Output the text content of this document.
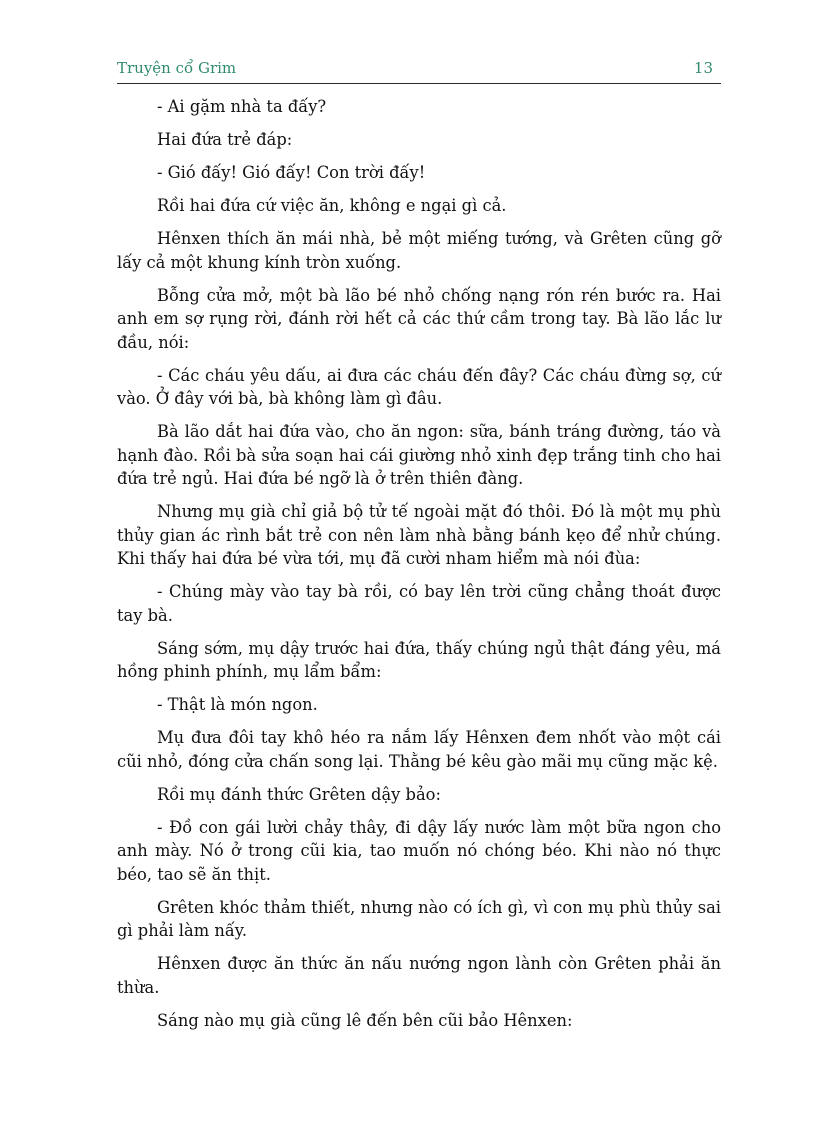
Truyện cổ Grim	13

- Ai gặm nhà ta đấy?

Hai đứa trẻ đáp:

- Gió đấy! Gió đấy! Con trời đấy!

Rồi hai đứa cứ việc ăn, không e ngại gì cả.

Hênxen thích ăn mái nhà, bẻ một miếng tướng, và Grêten cũng gỡ lấy cả một khung kính tròn xuống.

Bỗng cửa mở, một bà lão bé nhỏ chống nạng rón rén bước ra. Hai anh em sợ rụng rời, đánh rời hết cả các thứ cầm trong tay. Bà lão lắc lư đầu, nói:

- Các cháu yêu dấu, ai đưa các cháu đến đây? Các cháu đừng sợ, cứ vào. Ở đây với bà, bà không làm gì đâu.

Bà lão dắt hai đứa vào, cho ăn ngon: sữa, bánh tráng đường, táo và hạnh đào. Rồi bà sửa soạn hai cái giường nhỏ xinh đẹp trắng tinh cho hai đứa trẻ ngủ. Hai đứa bé ngỡ là ở trên thiên đàng.

Nhưng mụ già chỉ giả bộ tử tế ngoài mặt đó thôi. Đó là một mụ phù thủy gian ác rình bắt trẻ con nên làm nhà bằng bánh kẹo để nhử chúng. Khi thấy hai đứa bé vừa tới, mụ đã cười nham hiểm mà nói đùa:

- Chúng mày vào tay bà rồi, có bay lên trời cũng chẳng thoát được tay bà.

Sáng sớm, mụ dậy trước hai đứa, thấy chúng ngủ thật đáng yêu, má hồng phinh phính, mụ lẩm bẩm:

- Thật là món ngon.

Mụ đưa đôi tay khô héo ra nắm lấy Hênxen đem nhốt vào một cái cũi nhỏ, đóng cửa chấn song lại. Thằng bé kêu gào mãi mụ cũng mặc kệ.

Rồi mụ đánh thức Grêten dậy bảo:

- Đồ con gái lười chảy thây, đi dậy lấy nước làm một bữa ngon cho anh mày. Nó ở trong cũi kia, tao muốn nó chóng béo. Khi nào nó thực béo, tao sẽ ăn thịt.

Grêten khóc thảm thiết, nhưng nào có ích gì, vì con mụ phù thủy sai gì phải làm nấy.

Hênxen được ăn thức ăn nấu nướng ngon lành còn Grêten phải ăn thừa.

Sáng nào mụ già cũng lê đến bên cũi bảo Hênxen:
